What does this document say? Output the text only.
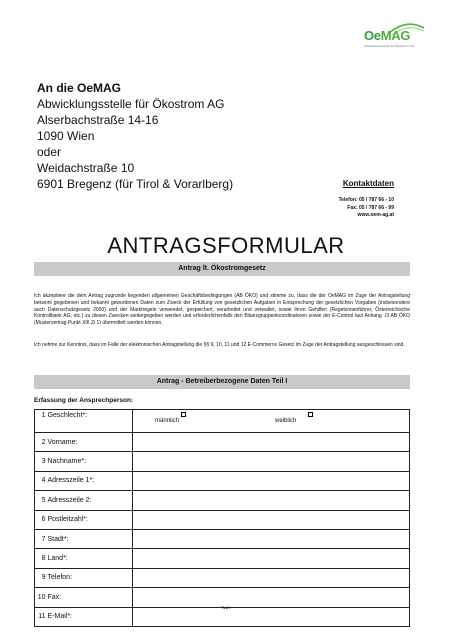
OeMAG
Abwicklungsstelle für Ökostrom AG
An die OeMAG
Abwicklungsstelle für Ökostrom AG
Alserbachstraße 14-16
1090 Wien
oder
Weidachstraße 10
6901 Bregenz (für Tirol & Vorarlberg)	Kontaktdaten
Telefon: 05 / 787 66 - 10
Fax: 05 / 787 66 - 99
www.oem-ag.at
ANTRAGSFORMULAR
Antrag lt. Ökostromgesetz
Ich akzeptiere die dem Antrag zugrunde liegenden allgemeinen Geschäftsbedingungen (AB ÖKO) und stimme zu, dass die der OeMAG im Zuge der Antragstellung bekannt gegebenen und bekannt gewordenen Daten zum Zweck der Erfüllung von gesetzlichen Aufgaben in Entsprechung der gesetzlichen Vorgaben (insbesondere auch Datenschutzgesetz 2000) und der Marktregeln verwendet, gespeichert, verarbeitet und verwaltet, sowie ihren Gehilfen (Regelzonenführer, Österreichische Kontrollbank AG, etc.) zu diesen Zwecken weitergegeben werden und erforderlichenfalls den Bilanzgruppenkoordinatoren sowie der E-Control laut Anhang ./3 AB ÖKO (Mustervertrag Punkt XIII Zi 1) übermittelt werden können.
Ich nehme zur Kenntnis, dass im Falle der elektronischen Antragstellung die §§ 9, 10, 11 und 12 E-Commerce Gesetz im Zuge der Antragstellung ausgeschlossen sind.
Antrag - Betreiberbezogene Daten Teil I
Erfassung der Ansprechperson:
1	Geschlecht*:	männlich weiblich

2	Vorname:	
3	Nachname*:	
4	Adresszeile 1*:	
5	Adresszeile 2:	
6	Postleitzahl*:	
7	Stadt*:	
8	Land*:	
9	Telefon:	
10	Fax:	
11	E-Mail*:	
Teil I
